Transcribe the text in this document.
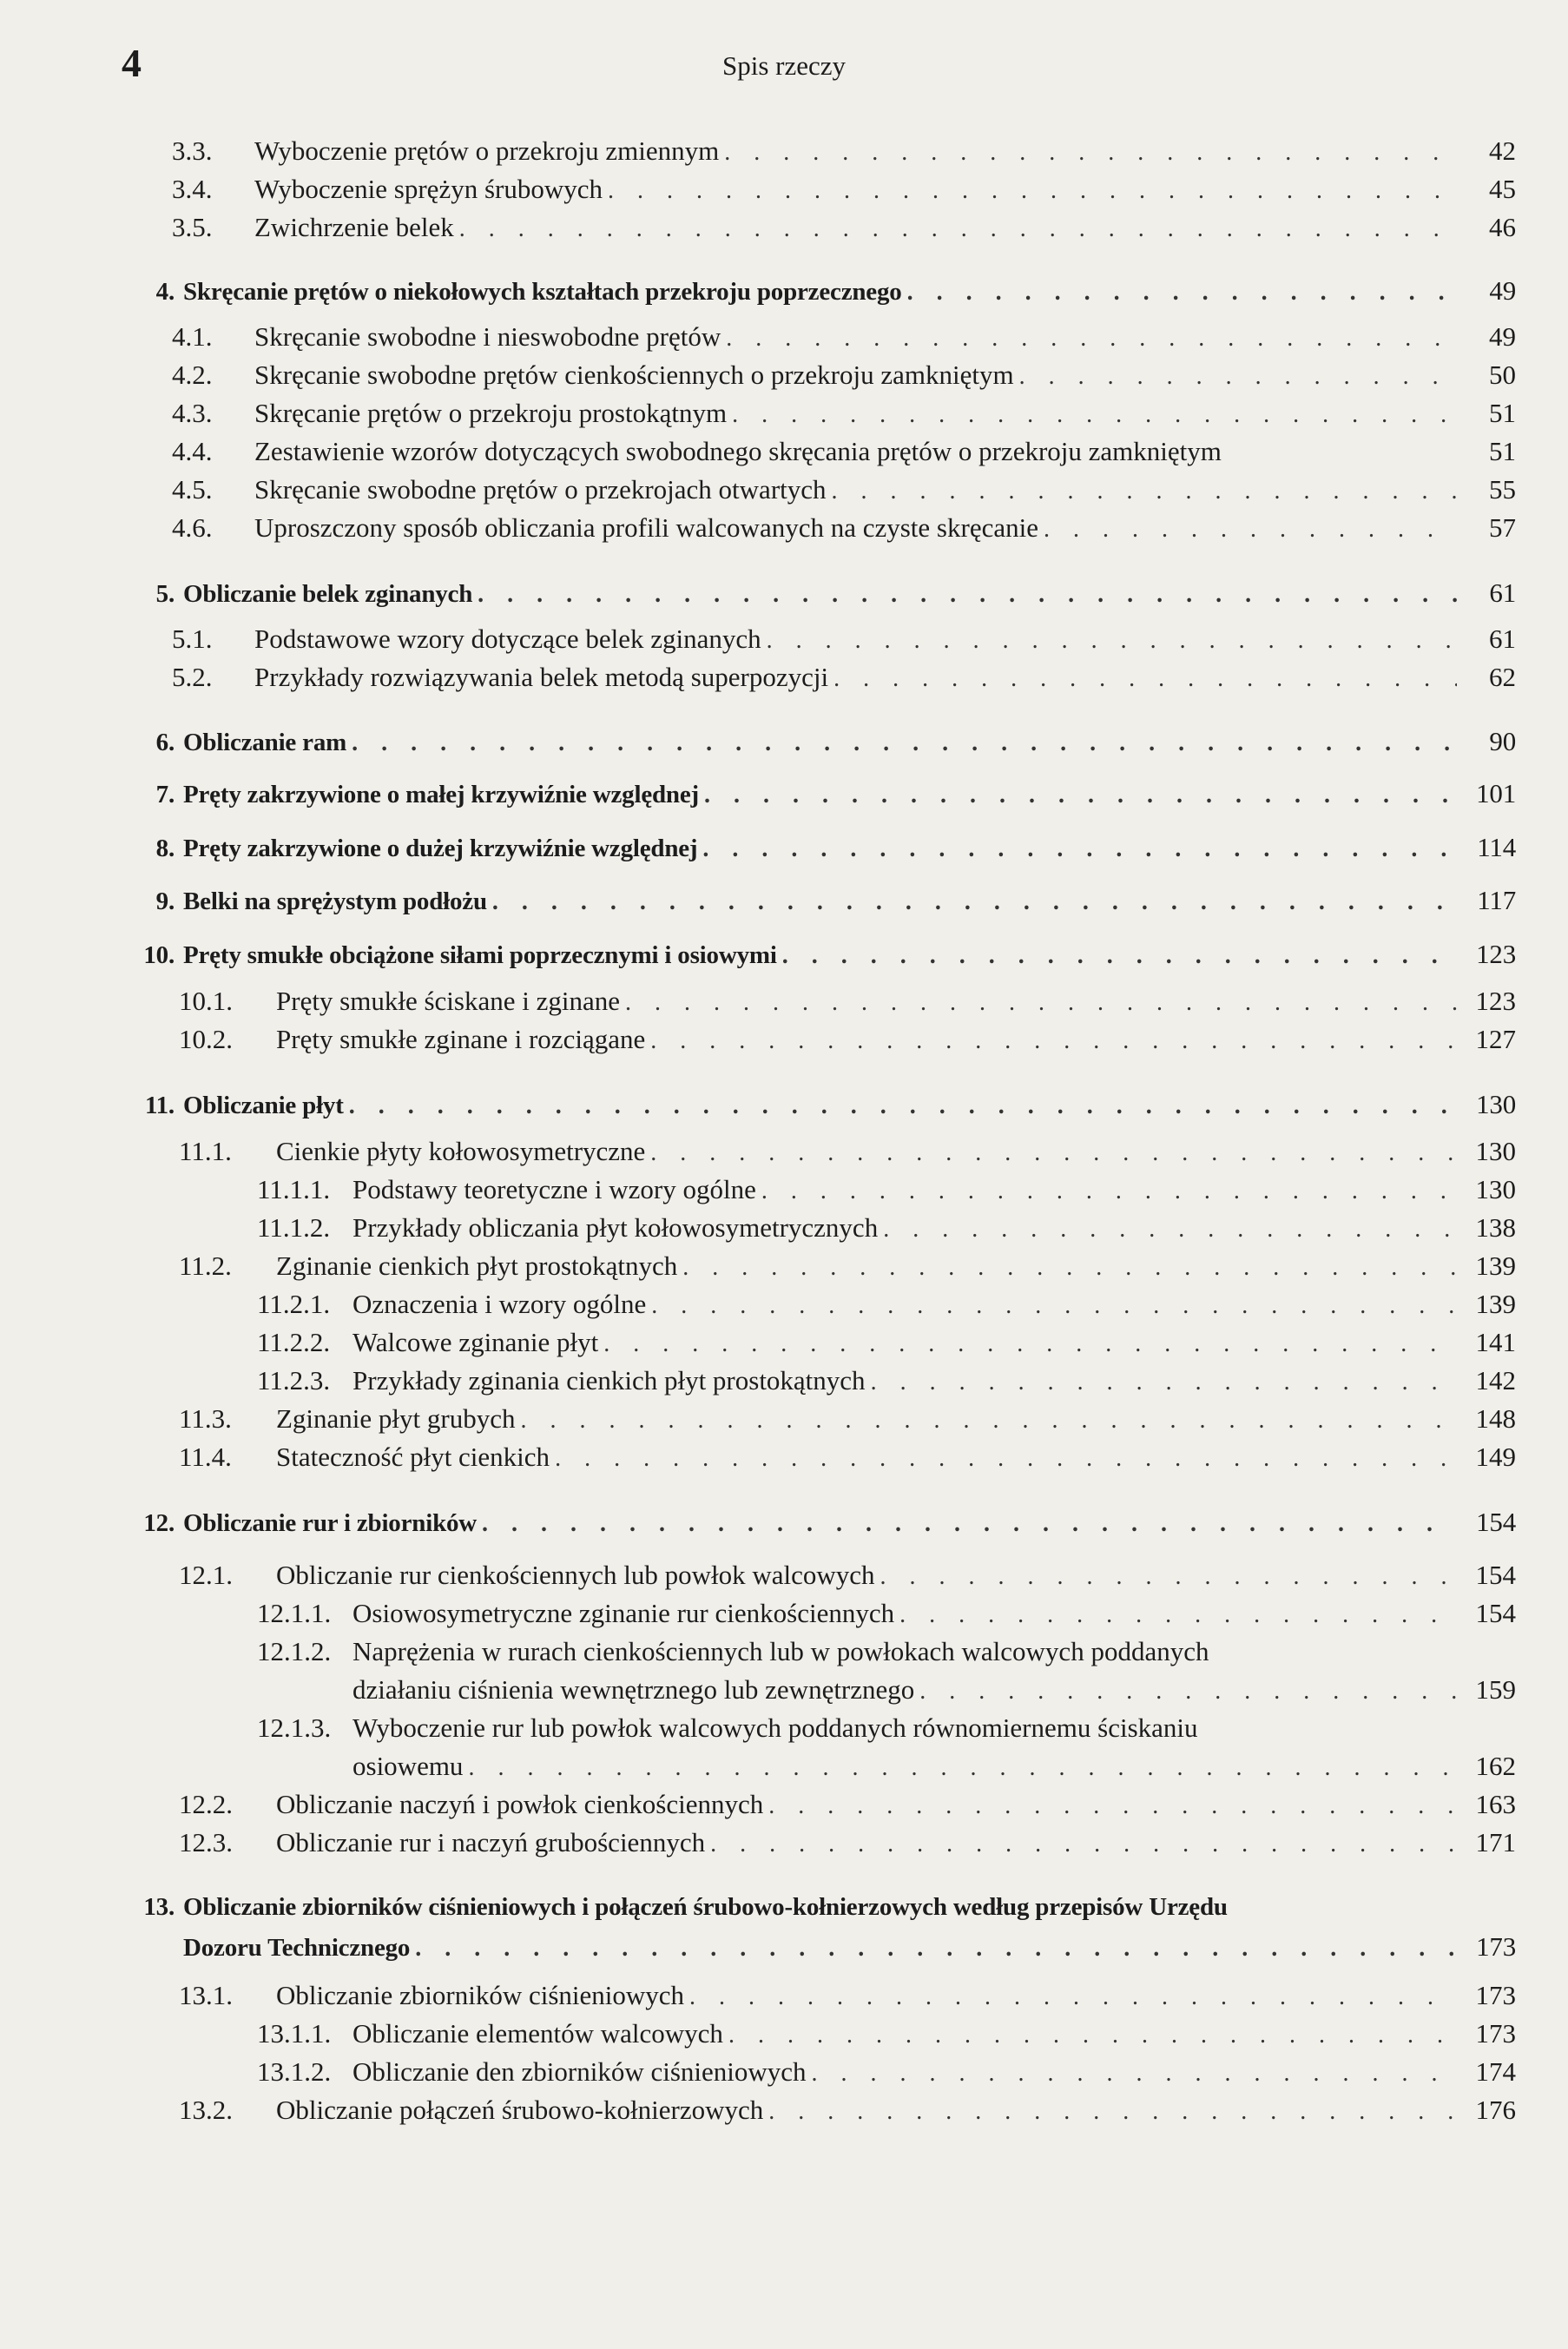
4	Spis rzeczy
3.3.	Wyboczenie prętów o przekroju zmiennym . . .	42
3.4.	Wyboczenie sprężyn śrubowych . . .	45
3.5.	Zwichrzenie belek . . .	46
4. Skręcanie prętów o niekołowych kształtach przekroju poprzecznego . . .	49
4.1.	Skręcanie swobodne i nieswobodne prętów . . .	49
4.2.	Skręcanie swobodne prętów cienkościennych o przekroju zamkniętym . . .	50
4.3.	Skręcanie prętów o przekroju prostokątnym . . .	51
4.4.	Zestawienie wzorów dotyczących swobodnego skręcania prętów o przekroju zamkniętym	51
4.5.	Skręcanie swobodne prętów o przekrojach otwartych . . .	55
4.6.	Uproszczony sposób obliczania profili walcowanych na czyste skręcanie . . .	57
5. Obliczanie belek zginanych . . .	61
5.1.	Podstawowe wzory dotyczące belek zginanych . . .	61
5.2.	Przykłady rozwiązywania belek metodą superpozycji . . .	62
6. Obliczanie ram . . .	90
7. Pręty zakrzywione o małej krzywiźnie względnej . . .	101
8. Pręty zakrzywione o dużej krzywiźnie względnej . . .	114
9. Belki na sprężystym podłożu . . .	117
10. Pręty smukłe obciążone siłami poprzecznymi i osiowymi . . .	123
10.1.	Pręty smukłe ściskane i zginane . . .	123
10.2.	Pręty smukłe zginane i rozciągane . . .	127
11. Obliczanie płyt . . .	130
11.1.	Cienkie płyty kołowosymetryczne . . .	130
11.1.1. Podstawy teoretyczne i wzory ogólne . . .	130
11.1.2. Przykłady obliczania płyt kołowosymetrycznych . . .	138
11.2.	Zginanie cienkich płyt prostokątnych . . .	139
11.2.1. Oznaczenia i wzory ogólne . . .	139
11.2.2. Walcowe zginanie płyt . . .	141
11.2.3. Przykłady zginania cienkich płyt prostokątnych . . .	142
11.3.	Zginanie płyt grubych . . .	148
11.4.	Stateczność płyt cienkich . . .	149
12. Obliczanie rur i zbiorników . . .	154
12.1.	Obliczanie rur cienkościennych lub powłok walcowych . . .	154
12.1.1. Osiowosymetryczne zginanie rur cienkościennych . . .	154
12.1.2. Naprężenia w rurach cienkościennych lub w powłokach walcowych poddanych
działaniu ciśnienia wewnętrznego lub zewnętrznego . . .	159
12.1.3. Wyboczenie rur lub powłok walcowych poddanych równomiernemu ściskaniu
osiowemu . . .	162
12.2.	Obliczanie naczyń i powłok cienkościennych . . .	163
12.3.	Obliczanie rur i naczyń grubościennych . . .	171
13. Obliczanie zbiorników ciśnieniowych i połączeń śrubowo-kołnierzowych według przepisów Urzędu
Dozoru Technicznego . . .	173
13.1.	Obliczanie zbiorników ciśnieniowych . . .	173
13.1.1. Obliczanie elementów walcowych . . .	173
13.1.2. Obliczanie den zbiorników ciśnieniowych . . .	174
13.2.	Obliczanie połączeń śrubowo-kołnierzowych . . .	176
